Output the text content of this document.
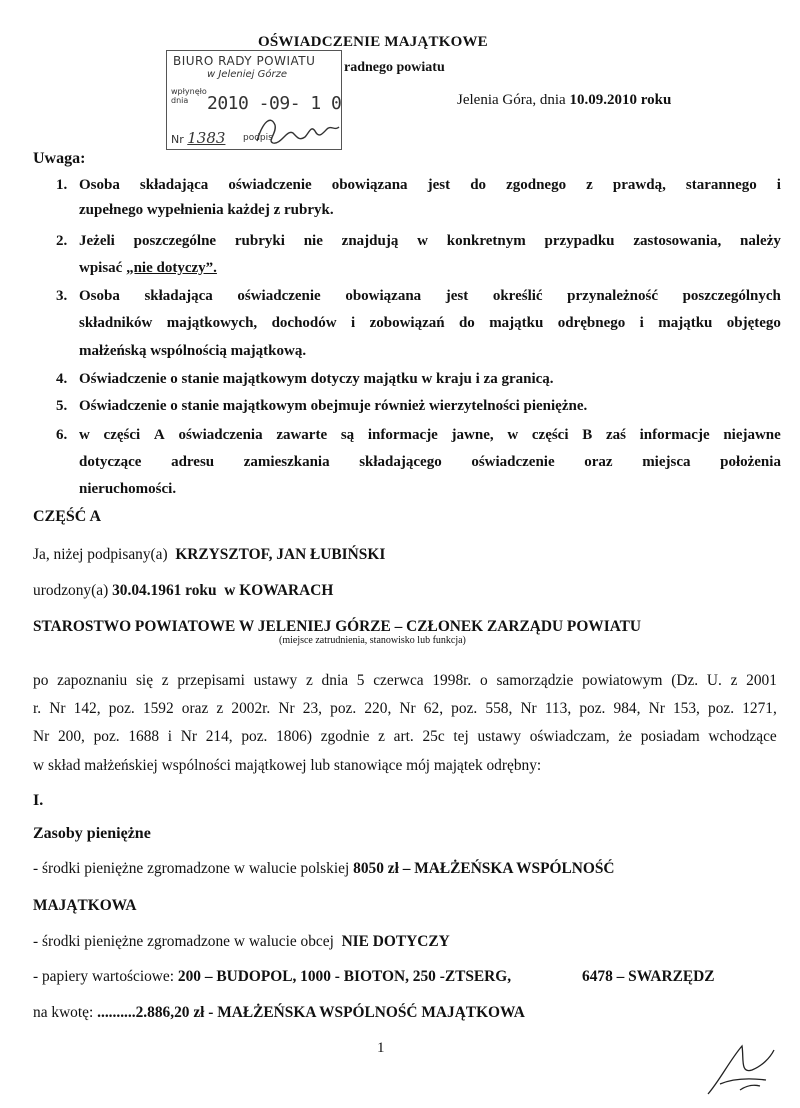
OŚWIADCZENIE MAJĄTKOWE
radnego powiatu
Jelenia Góra, dnia 10.09.2010 roku
BIURO RADY POWIATU
w Jeleniej Górze
wpłynęło
dnia	2010 -09- 1 0
Nr 1383 podpis
Uwaga:
1. Osoba składająca oświadczenie obowiązana jest do zgodnego z prawdą, starannego i
zupełnego wypełnienia każdej z rubryk.
2. Jeżeli poszczególne rubryki nie znajdują w konkretnym przypadku zastosowania, należy
wpisać „nie dotyczy”.
3. Osoba składająca oświadczenie obowiązana jest określić przynależność poszczególnych
składników majątkowych, dochodów i zobowiązań do majątku odrębnego i majątku objętego
małżeńską wspólnością majątkową.
4. Oświadczenie o stanie majątkowym dotyczy majątku w kraju i za granicą.
5. Oświadczenie o stanie majątkowym obejmuje również wierzytelności pieniężne.
6. w części A oświadczenia zawarte są informacje jawne, w części B zaś informacje niejawne
dotyczące adresu zamieszkania składającego oświadczenie oraz miejsca położenia
nieruchomości.
CZĘŚĆ A
Ja, niżej podpisany(a) KRZYSZTOF, JAN ŁUBIŃSKI
urodzony(a) 30.04.1961 roku w KOWARACH
STAROSTWO POWIATOWE W JELENIEJ GÓRZE – CZŁONEK ZARZĄDU POWIATU
(miejsce zatrudnienia, stanowisko lub funkcja)
po zapoznaniu się z przepisami ustawy z dnia 5 czerwca 1998r. o samorządzie powiatowym (Dz. U. z 2001
r. Nr 142, poz. 1592 oraz z 2002r. Nr 23, poz. 220, Nr 62, poz. 558, Nr 113, poz. 984, Nr 153, poz. 1271,
Nr 200, poz. 1688 i Nr 214, poz. 1806) zgodnie z art. 25c tej ustawy oświadczam, że posiadam wchodzące
w skład małżeńskiej wspólności majątkowej lub stanowiące mój majątek odrębny:
I.
Zasoby pieniężne
- środki pieniężne zgromadzone w walucie polskiej 8050 zł – MAŁŻEŃSKA WSPÓLNOŚĆ
MAJĄTKOWA
- środki pieniężne zgromadzone w walucie obcej NIE DOTYCZY
- papiery wartościowe: 200 – BUDOPOL, 1000 - BIOTON, 250 -ZTSERG,	6478 – SWARZĘDZ
na kwotę: ..........2.886,20 zł - MAŁŻEŃSKA WSPÓLNOŚĆ MAJĄTKOWA
1
